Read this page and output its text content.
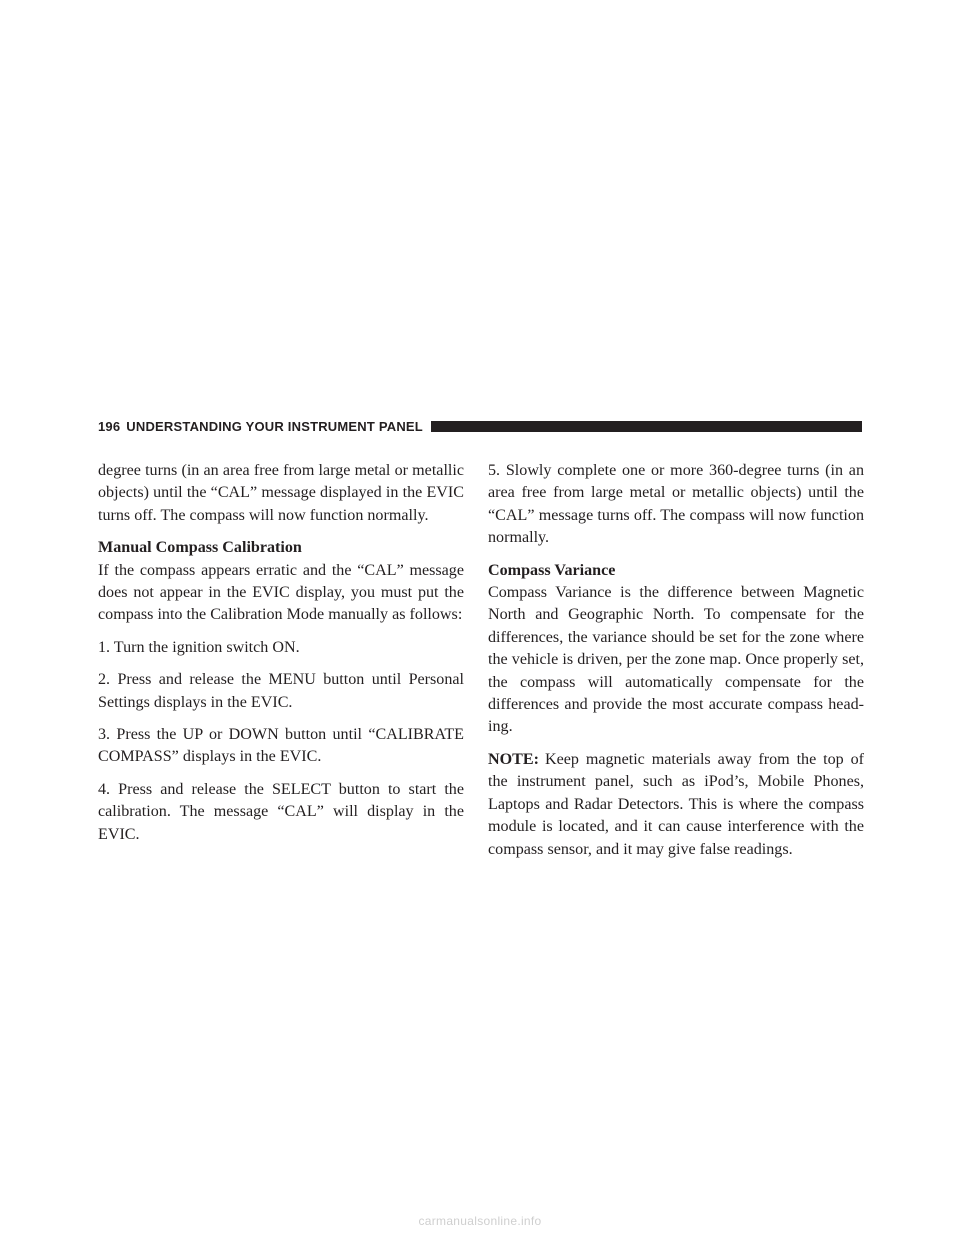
196 UNDERSTANDING YOUR INSTRUMENT PANEL

degree turns (in an area free from large metal or metallic objects) until the “CAL” message displayed in the EVIC turns off. The compass will now function normally.

Manual Compass Calibration

If the compass appears erratic and the “CAL” message does not appear in the EVIC display, you must put the compass into the Calibration Mode manually as follows:

1. Turn the ignition switch ON.

2. Press and release the MENU button until Personal Settings displays in the EVIC.

3. Press the UP or DOWN button until “CALIBRATE COMPASS” displays in the EVIC.

4. Press and release the SELECT button to start the calibration. The message “CAL” will display in the EVIC.

5. Slowly complete one or more 360-degree turns (in an area free from large metal or metallic objects) until the “CAL” message turns off. The compass will now function normally.

Compass Variance

Compass Variance is the difference between Magnetic North and Geographic North. To compensate for the differences, the variance should be set for the zone where the vehicle is driven, per the zone map. Once properly set, the compass will automatically compensate for the differences and provide the most accurate compass head-ing.

NOTE: Keep magnetic materials away from the top of the instrument panel, such as iPod’s, Mobile Phones, Laptops and Radar Detectors. This is where the compass module is located, and it can cause interference with the compass sensor, and it may give false readings.

carmanualsonline.info
